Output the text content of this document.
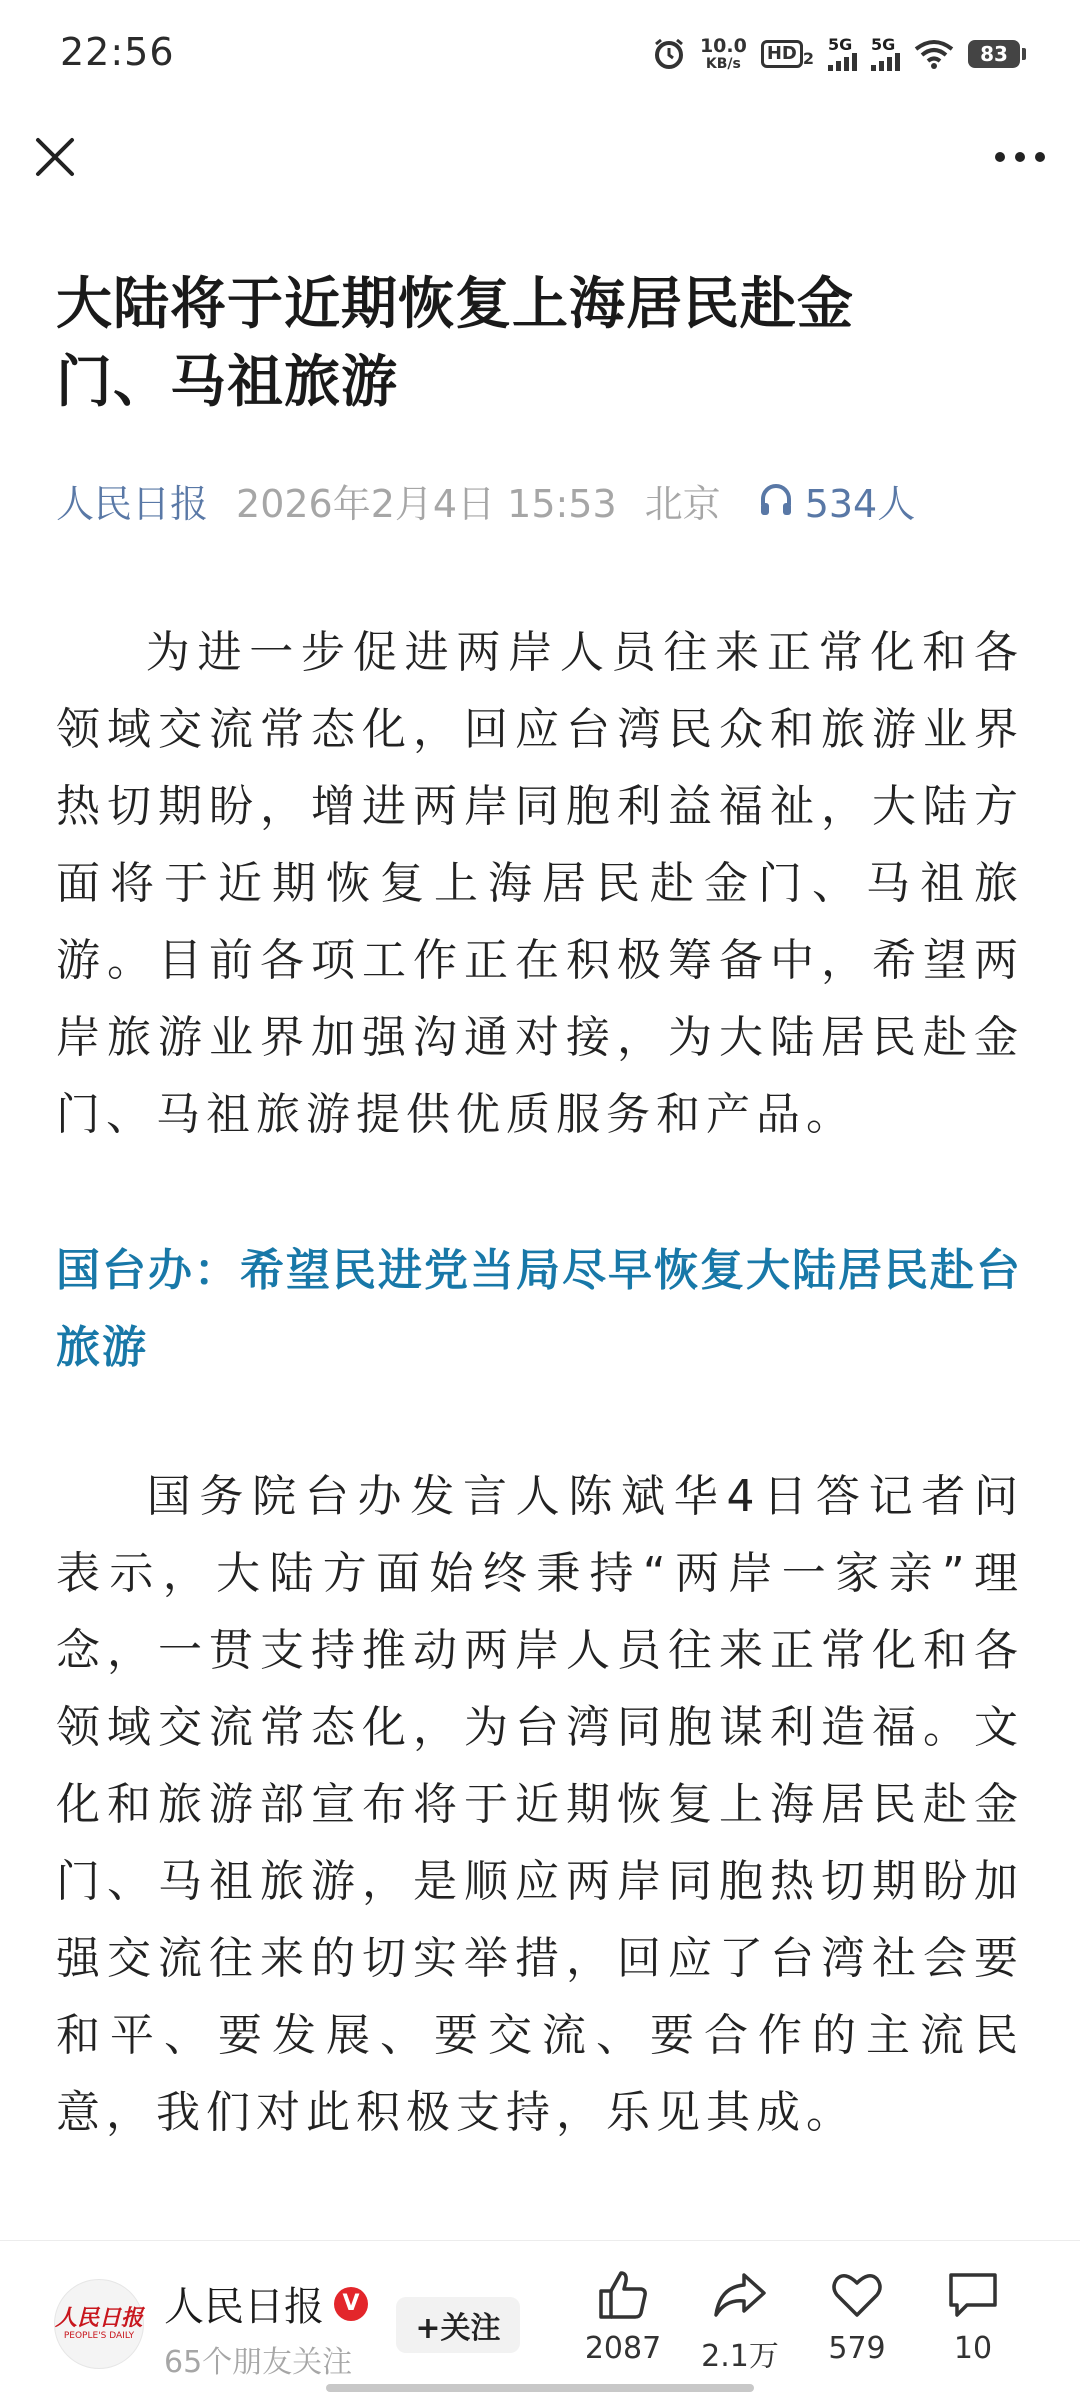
22:56	10.0
KB/s	HD 2
5G 5G	83
大陆将于近期恢复上海居民赴金门、马祖旅游
人民日报 2026年2月4日 15:53 北京 534人
为进一步促进两岸人员往来正常化和各领域交流常态化，回应台湾民众和旅游业界热切期盼，增进两岸同胞利益福祉，大陆方面将于近期恢复上海居民赴金门、马祖旅游。目前各项工作正在积极筹备中，希望两岸旅游业界加强沟通对接，为大陆居民赴金门、马祖旅游提供优质服务和产品。
国台办：希望民进党当局尽早恢复大陆居民赴台旅游
国务院台办发言人陈斌华4日答记者问表示，大陆方面始终秉持“两岸一家亲”理念，一贯支持推动两岸人员往来正常化和各领域交流常态化，为台湾同胞谋利造福。文化和旅游部宣布将于近期恢复上海居民赴金门、马祖旅游，是顺应两岸同胞热切期盼加强交流往来的切实举措，回应了台湾社会要和平、要发展、要交流、要合作的主流民意，我们对此积极支持，乐见其成。
人民日报
PEOPLE'S DAILY
人民日报 V
65个朋友关注
+关注
2087 2.1万 579 10
